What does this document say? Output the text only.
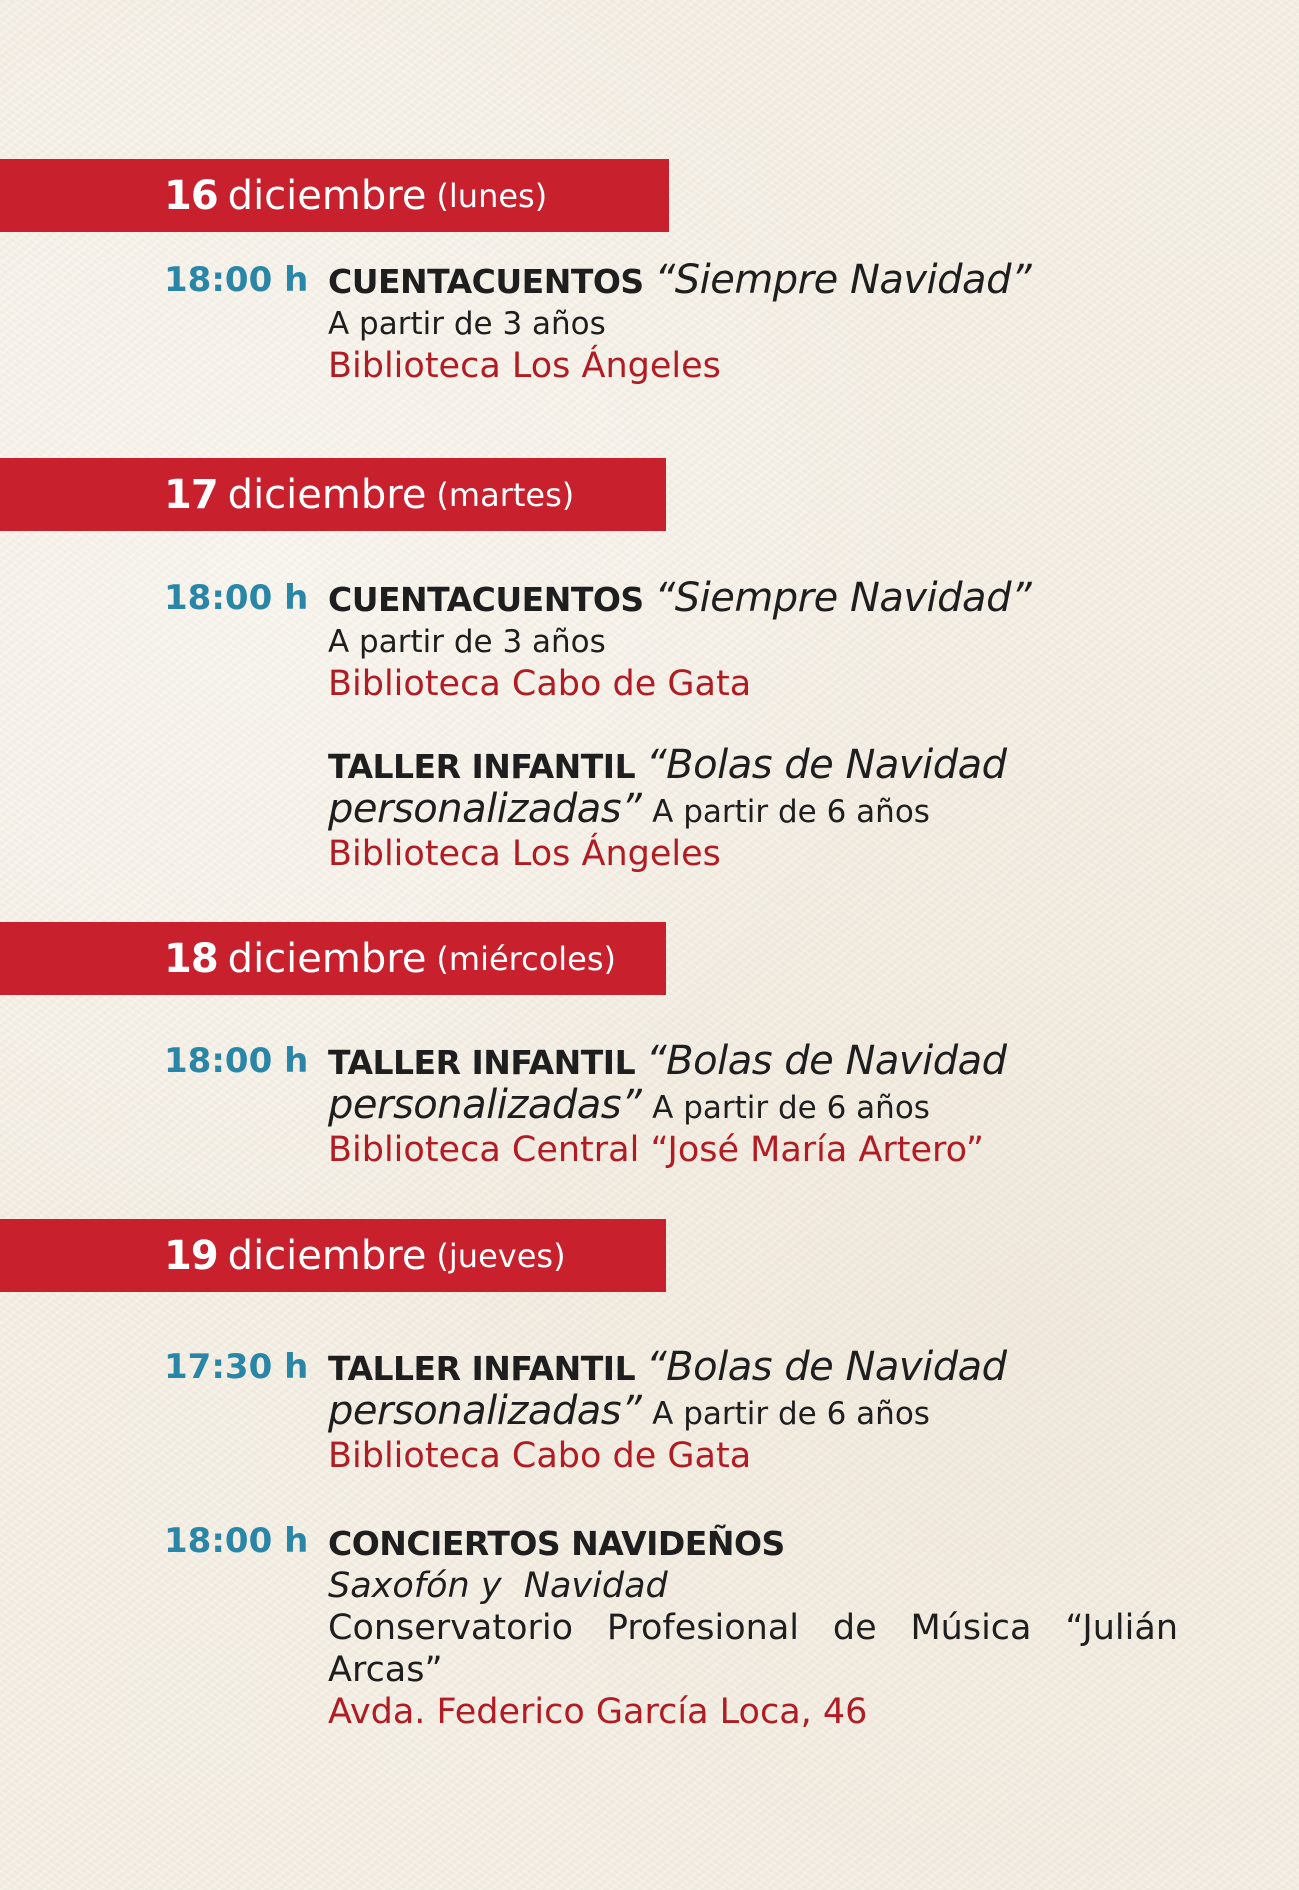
16 diciembre (lunes)
18:00 h CUENTACUENTOS “Siempre Navidad”
A partir de 3 años
Biblioteca Los Ángeles
17 diciembre (martes)
18:00 h CUENTACUENTOS “Siempre Navidad”
A partir de 3 años
Biblioteca Cabo de Gata
TALLER INFANTIL “Bolas de Navidad
personalizadas” A partir de 6 años
Biblioteca Los Ángeles
18 diciembre (miércoles)
18:00 h TALLER INFANTIL “Bolas de Navidad
personalizadas” A partir de 6 años
Biblioteca Central “José María Artero”
19 diciembre (jueves)
17:30 h TALLER INFANTIL “Bolas de Navidad
personalizadas” A partir de 6 años
Biblioteca Cabo de Gata
18:00 h CONCIERTOS NAVIDEÑOS
Saxofón y  Navidad
Conservatorio Profesional de Música “Julián Arcas”
Avda. Federico García Loca, 46
